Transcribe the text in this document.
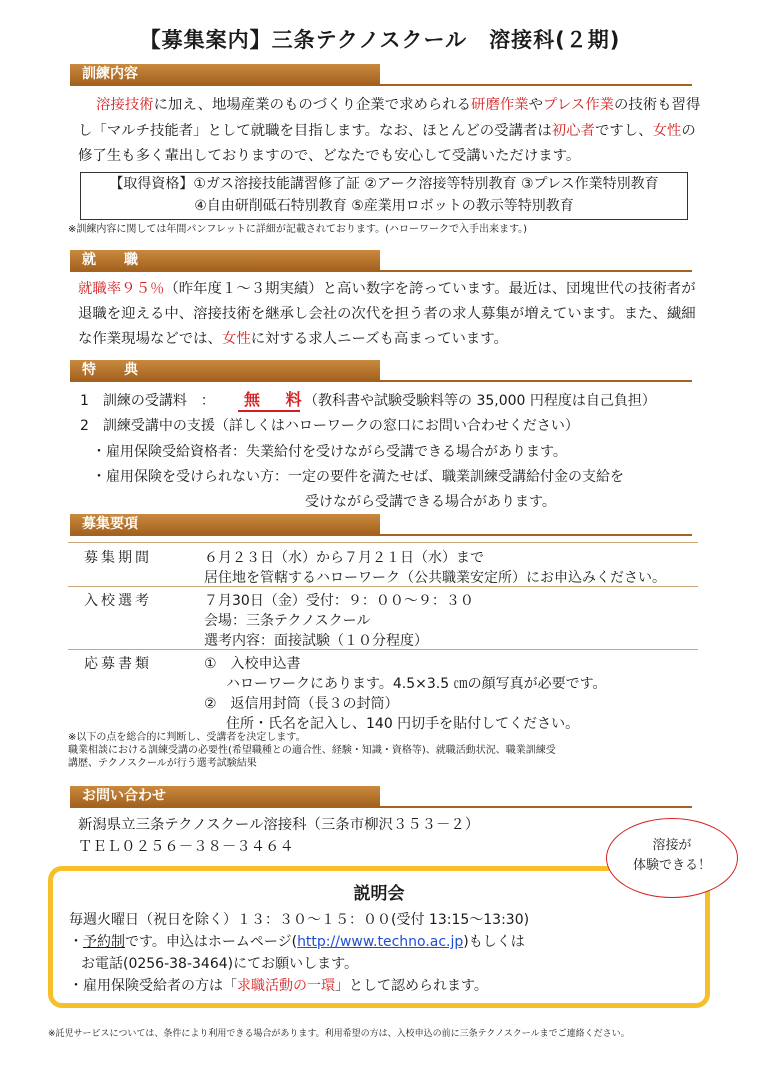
【募集案内】三条テクノスクール　溶接科(２期)
訓練内容
溶接技術に加え、地場産業のものづくり企業で求められる研磨作業やプレス作業の技術も習得
し「マルチ技能者」として就職を目指します。なお、ほとんどの受講者は初心者ですし、女性の
修了生も多く輩出しておりますので、どなたでも安心して受講いただけます。
【取得資格】①ガス溶接技能講習修了証 ②アーク溶接等特別教育 ③プレス作業特別教育
④自由研削砥石特別教育 ⑤産業用ロボットの教示等特別教育
※訓練内容に関しては年間パンフレットに詳細が記載されております。(ハローワークで入手出来ます。)
就　　職
就職率９５％（昨年度１～３期実績）と高い数字を誇っています。最近は、団塊世代の技術者が
退職を迎える中、溶接技術を継承し会社の次代を担う者の求人募集が増えています。また、繊細
な作業現場などでは、女性に対する求人ニーズも高まっています。
特　　典
1　訓練の受講料　： 無 料
（教科書や試験受験料等の 35,000 円程度は自己負担）
2　訓練受講中の支援（詳しくはハローワークの窓口にお問い合わせください）
・雇用保険受給資格者：失業給付を受けながら受講できる場合があります。
・雇用保険を受けられない方：一定の要件を満たせば、職業訓練受講給付金の支給を
受けながら受講できる場合があります。
募集要項
募集期間	６月２３日（水）から７月２１日（水）まで
居住地を管轄するハローワーク（公共職業安定所）にお申込みください。
入校選考	７月30日（金）受付：９：００～９：３０
会場：三条テクノスクール
選考内容：面接試験（１０分程度）
応募書類	①　入校申込書
ハローワークにあります。4.5×3.5 ㎝の顔写真が必要です。
②　返信用封筒（長３の封筒）
住所・氏名を記入し、140 円切手を貼付してください。
※以下の点を総合的に判断し、受講者を決定します。
職業相談における訓練受講の必要性(希望職種との適合性、経験・知識・資格等)、就職活動状況、職業訓練受
講歴、テクノスクールが行う選考試験結果
お問い合わせ
新潟県立三条テクノスクール溶接科（三条市柳沢３５３－２）
ＴＥＬ０２５６－３８－３４６４
説明会
毎週火曜日（祝日を除く）１３：３０～１５：００(受付 13:15～13:30)
・予約制です。申込はホームページ(http://www.techno.ac.jp)もしくは
お電話(0256-38-3464)にてお願いします。
・雇用保険受給者の方は「求職活動の一環」として認められます。
溶接が
体験できる！
※託児サービスについては、条件により利用できる場合があります。利用希望の方は、入校申込の前に三条テクノスクールまでご連絡ください。
